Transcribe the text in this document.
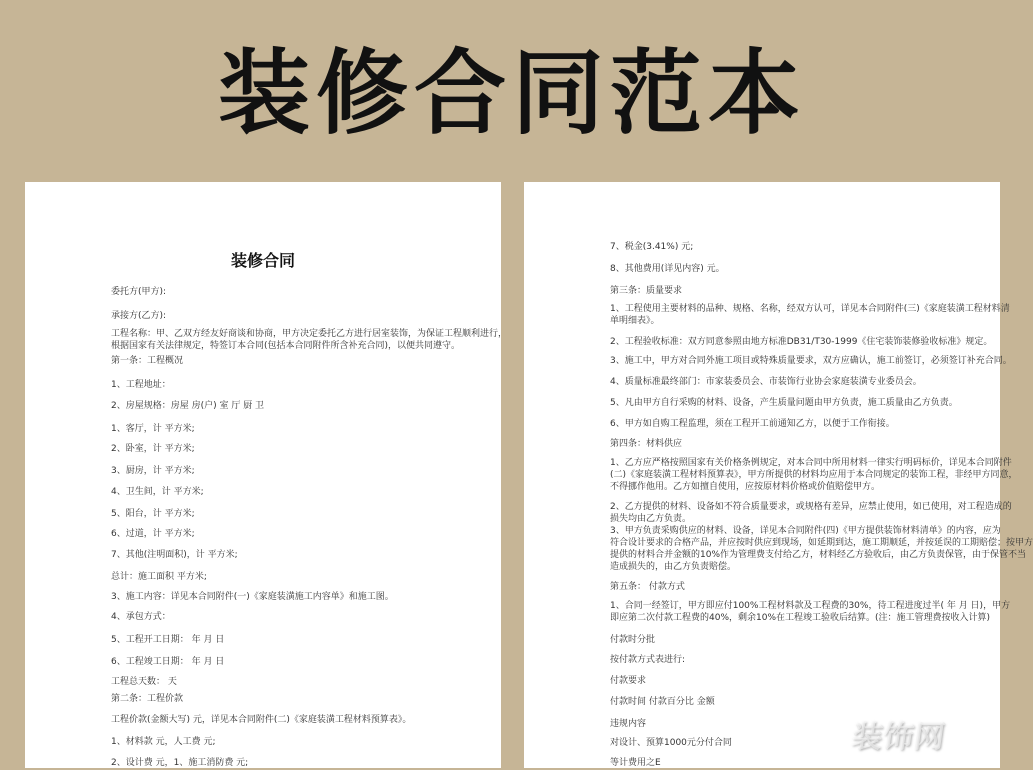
装修合同范本
装修合同
委托方(甲方):
承接方(乙方):
工程名称：甲、乙双方经友好商谈和协商，甲方决定委托乙方进行居室装饰，为保证工程顺利进行，
根据国家有关法律规定，特签订本合同(包括本合同附件所含补充合同)，以便共同遵守。
第一条：工程概况
1、工程地址：
2、房屋规格：房屋 房(户) 室 厅 厨 卫
1、客厅，计 平方米;
2、卧室，计 平方米;
3、厨房，计 平方米;
4、卫生间，计 平方米;
5、阳台，计 平方米;
6、过道，计 平方米;
7、其他(注明面积)，计 平方米;
总计：施工面积 平方米;
3、施工内容：详见本合同附件(一)《家庭装潢施工内容单》和施工图。
4、承包方式：
5、工程开工日期： 年 月 日
6、工程竣工日期： 年 月 日
工程总天数： 天
第二条：工程价款
工程价款(金额大写) 元，详见本合同附件(二)《家庭装潢工程材料预算表》。
1、材料款 元，人工费 元;
2、设计费 元，1、施工消防费 元;
7、税金(3.41%) 元;
8、其他费用(详见内容) 元。
第三条：质量要求
1、工程使用主要材料的品种、规格、名称，经双方认可，详见本合同附件(三)《家庭装潢工程材料清
单明细表》。
2、工程验收标准：双方同意参照由地方标准DB31/T30-1999《住宅装饰装修验收标准》规定。
3、施工中，甲方对合同外施工项目或特殊质量要求，双方应确认，施工前签订，必须签订补充合同。
4、质量标准最终部门：市家装委员会、市装饰行业协会家庭装潢专业委员会。
5、凡由甲方自行采购的材料、设备，产生质量问题由甲方负责，施工质量由乙方负责。
6、甲方如自购工程监理，须在工程开工前通知乙方，以便于工作衔接。
第四条：材料供应
1、乙方应严格按照国家有关价格条例规定，对本合同中所用材料一律实行明码标价，详见本合同附件
(二)《家庭装潢工程材料预算表》，甲方所提供的材料均应用于本合同规定的装饰工程，非经甲方同意，
不得挪作他用。乙方如擅自使用，应按原材料价格或价值赔偿甲方。
2、乙方提供的材料、设备如不符合质量要求，或规格有差异，应禁止使用，如已使用，对工程造成的
损失均由乙方负责。
3、甲方负责采购供应的材料、设备，详见本合同附件(四)《甲方提供装饰材料清单》的内容，应为
符合设计要求的合格产品，并应按时供应到现场，如延期到达，施工期顺延，并按延误的工期赔偿；按甲方
提供的材料合并金额的10%作为管理费支付给乙方，材料经乙方验收后，由乙方负责保管，由于保管不当
造成损失的，由乙方负责赔偿。
第五条： 付款方式
1、合同一经签订，甲方即应付100%工程材料款及工程费的30%，待工程进度过半( 年 月 日)，甲方
即应第二次付款工程费的40%，剩余10%在工程竣工验收后结算。(注：施工管理费按收入计算)
付款时分批
按付款方式表进行:
付款要求
付款时间 付款百分比 金额
违规内容
对设计、预算1000元分付合同
等计费用之E
装饰网
